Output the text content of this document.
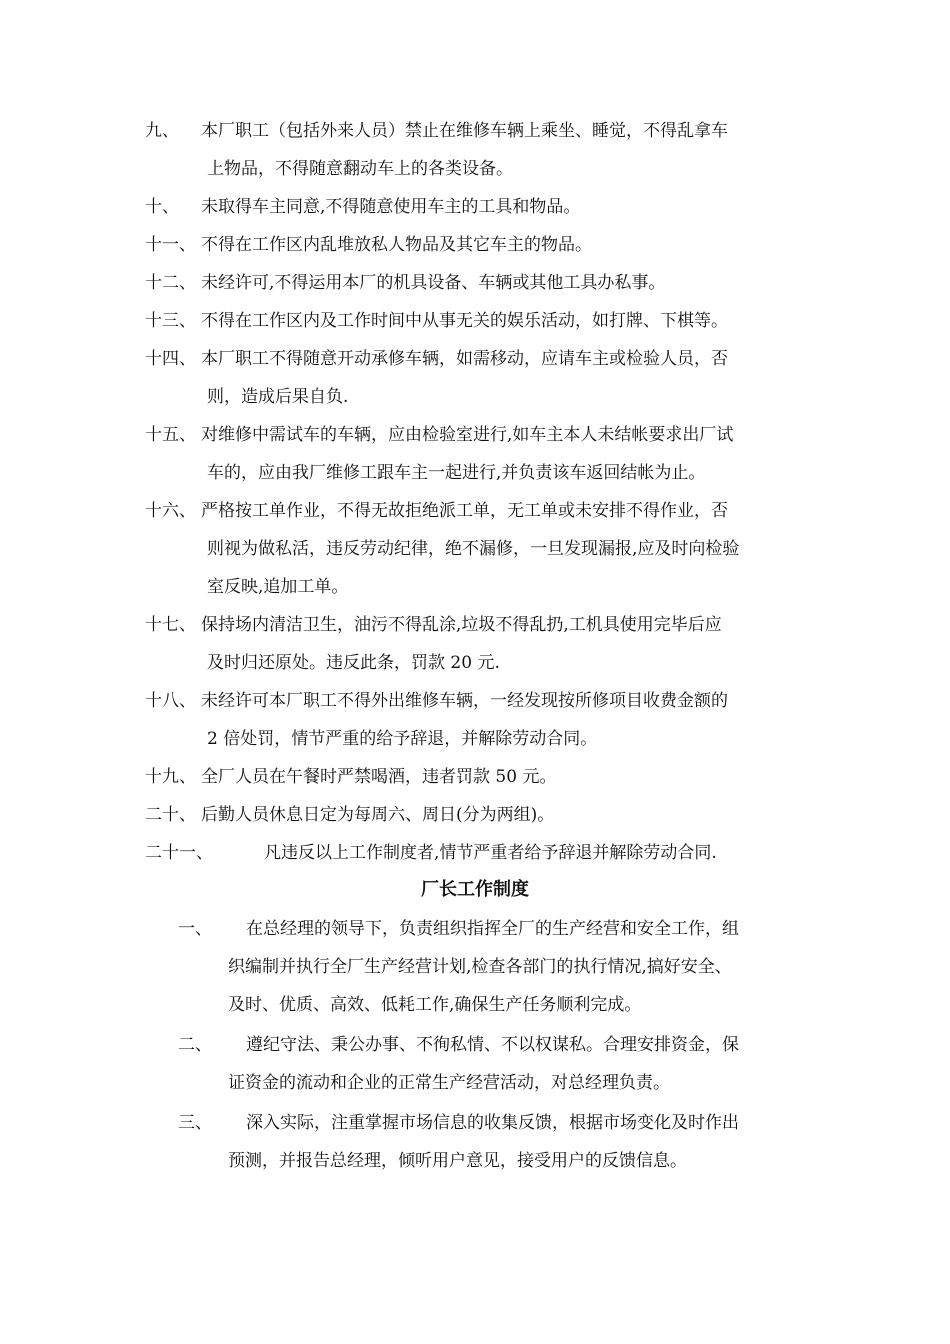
九、	本厂职工（包括外来人员）禁止在维修车辆上乘坐、睡觉，不得乱拿车
上物品，不得随意翻动车上的各类设备。
十、	未取得车主同意,不得随意使用车主的工具和物品。
十一、 不得在工作区内乱堆放私人物品及其它车主的物品。
十二、 未经许可,不得运用本厂的机具设备、车辆或其他工具办私事。
十三、 不得在工作区内及工作时间中从事无关的娱乐活动，如打牌、下棋等。
十四、 本厂职工不得随意开动承修车辆，如需移动，应请车主或检验人员，否
则，造成后果自负.
十五、 对维修中需试车的车辆，应由检验室进行,如车主本人未结帐要求出厂试
车的，应由我厂维修工跟车主一起进行,并负责该车返回结帐为止。
十六、 严格按工单作业，不得无故拒绝派工单，无工单或未安排不得作业，否
则视为做私活，违反劳动纪律，绝不漏修，一旦发现漏报,应及时向检验
室反映,追加工单。
十七、 保持场内清洁卫生，油污不得乱涂,垃圾不得乱扔,工机具使用完毕后应
及时归还原处。违反此条，罚款 20 元.
十八、 未经许可本厂职工不得外出维修车辆，一经发现按所修项目收费金额的
2 倍处罚，情节严重的给予辞退，并解除劳动合同。
十九、 全厂人员在午餐时严禁喝酒，违者罚款 50 元。
二十、 后勤人员休息日定为每周六、周日(分为两组)。
二十一、	凡违反以上工作制度者,情节严重者给予辞退并解除劳动合同.
厂长工作制度
一、	在总经理的领导下，负责组织指挥全厂的生产经营和安全工作，组
织编制并执行全厂生产经营计划,检查各部门的执行情况,搞好安全、
及时、优质、高效、低耗工作,确保生产任务顺利完成。
二、	遵纪守法、秉公办事、不徇私情、不以权谋私。合理安排资金，保
证资金的流动和企业的正常生产经营活动，对总经理负责。
三、	深入实际，注重掌握市场信息的收集反馈，根据市场变化及时作出
预测，并报告总经理，倾听用户意见，接受用户的反馈信息。
